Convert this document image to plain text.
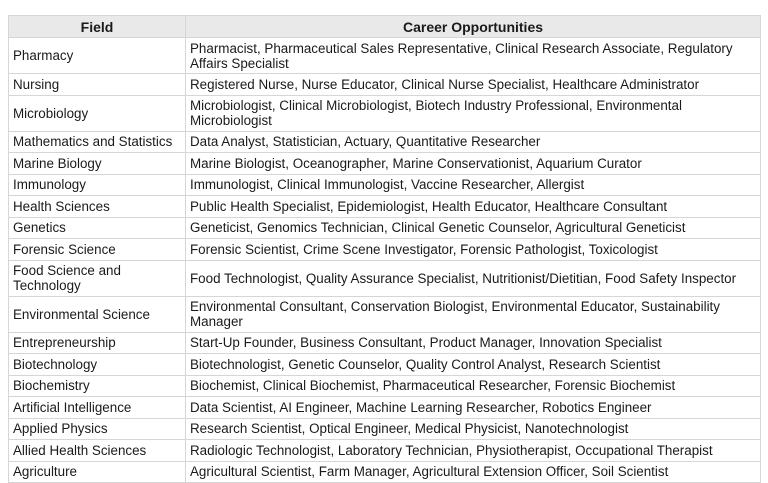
Field	Career Opportunities
Pharmacy	Pharmacist, Pharmaceutical Sales Representative, Clinical Research Associate, Regulatory Affairs Specialist
Nursing	Registered Nurse, Nurse Educator, Clinical Nurse Specialist, Healthcare Administrator
Microbiology	Microbiologist, Clinical Microbiologist, Biotech Industry Professional, Environmental Microbiologist
Mathematics and Statistics	Data Analyst, Statistician, Actuary, Quantitative Researcher
Marine Biology	Marine Biologist, Oceanographer, Marine Conservationist, Aquarium Curator
Immunology	Immunologist, Clinical Immunologist, Vaccine Researcher, Allergist
Health Sciences	Public Health Specialist, Epidemiologist, Health Educator, Healthcare Consultant
Genetics	Geneticist, Genomics Technician, Clinical Genetic Counselor, Agricultural Geneticist
Forensic Science	Forensic Scientist, Crime Scene Investigator, Forensic Pathologist, Toxicologist
Food Science and Technology	Food Technologist, Quality Assurance Specialist, Nutritionist/Dietitian, Food Safety Inspector
Environmental Science	Environmental Consultant, Conservation Biologist, Environmental Educator, Sustainability Manager
Entrepreneurship	Start-Up Founder, Business Consultant, Product Manager, Innovation Specialist
Biotechnology	Biotechnologist, Genetic Counselor, Quality Control Analyst, Research Scientist
Biochemistry	Biochemist, Clinical Biochemist, Pharmaceutical Researcher, Forensic Biochemist
Artificial Intelligence	Data Scientist, AI Engineer, Machine Learning Researcher, Robotics Engineer
Applied Physics	Research Scientist, Optical Engineer, Medical Physicist, Nanotechnologist
Allied Health Sciences	Radiologic Technologist, Laboratory Technician, Physiotherapist, Occupational Therapist
Agriculture	Agricultural Scientist, Farm Manager, Agricultural Extension Officer, Soil Scientist
